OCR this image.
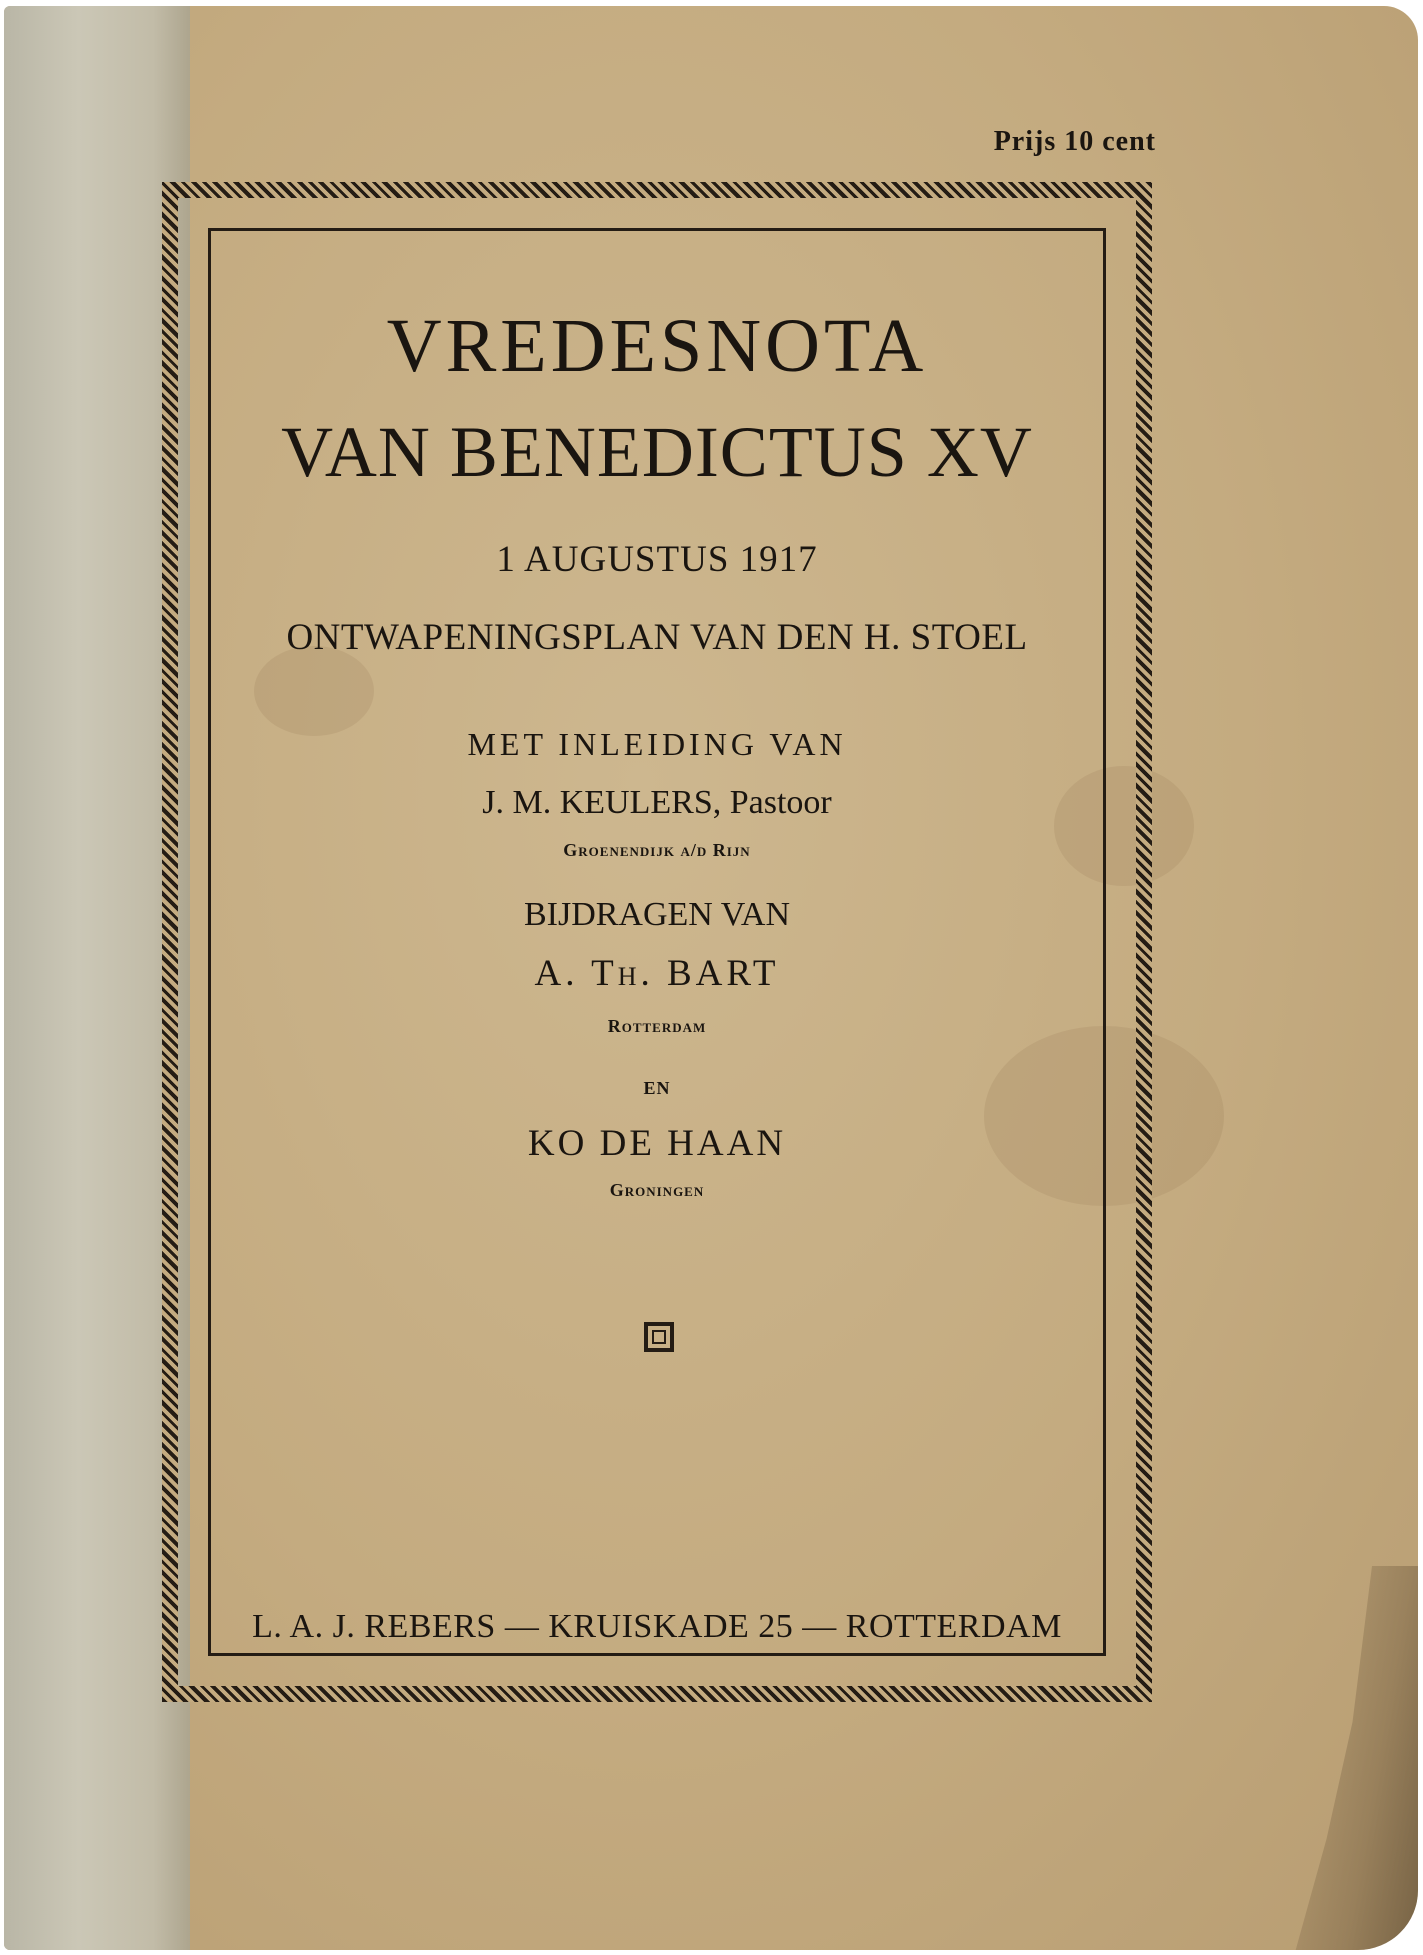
Prijs 10 cent
VREDESNOTA
VAN BENEDICTUS XV
1 AUGUSTUS 1917
ONTWAPENINGSPLAN VAN DEN H. STOEL
MET INLEIDING VAN
J. M. KEULERS, Pastoor
Groenendijk a/d Rijn
BIJDRAGEN VAN
A. Th. BART
Rotterdam
EN
KO DE HAAN
Groningen
L. A. J. REBERS — KRUISKADE 25 — ROTTERDAM
